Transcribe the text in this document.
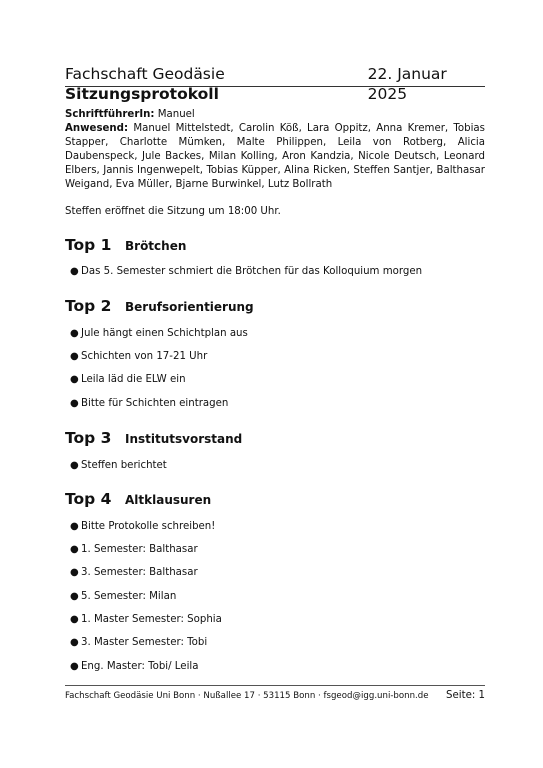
Fachschaft Geodäsie Sitzungsprotokoll
22. Januar 2025
SchriftführerIn: Manuel
Anwesend: Manuel Mittelstedt, Carolin Köß, Lara Oppitz, Anna Kremer, Tobias Stapper, Charlotte Mümken, Malte Philippen, Leila von Rotberg, Alicia Daubenspeck, Jule Backes, Milan Kolling, Aron Kandzia, Nicole Deutsch, Leonard Elbers, Jannis Ingenwepelt, Tobias Küpper, Alina Ricken, Steffen Santjer, Balthasar Weigand, Eva Müller, Bjarne Burwinkel, Lutz Bollrath
Steffen eröffnet die Sitzung um 18:00 Uhr.
Top 1	Brötchen
● Das 5. Semester schmiert die Brötchen für das Kolloquium morgen
Top 2	Berufsorientierung
● Jule hängt einen Schichtplan aus
● Schichten von 17-21 Uhr
● Leila läd die ELW ein
● Bitte für Schichten eintragen
Top 3	Institutsvorstand
● Steffen berichtet
Top 4	Altklausuren
● Bitte Protokolle schreiben!
● 1. Semester: Balthasar
● 3. Semester: Balthasar
● 5. Semester: Milan
● 1. Master Semester: Sophia
● 3. Master Semester: Tobi
● Eng. Master: Tobi/ Leila
Fachschaft Geodäsie Uni Bonn · Nußallee 17 · 53115 Bonn · fsgeod@igg.uni-bonn.de Seite: 1
